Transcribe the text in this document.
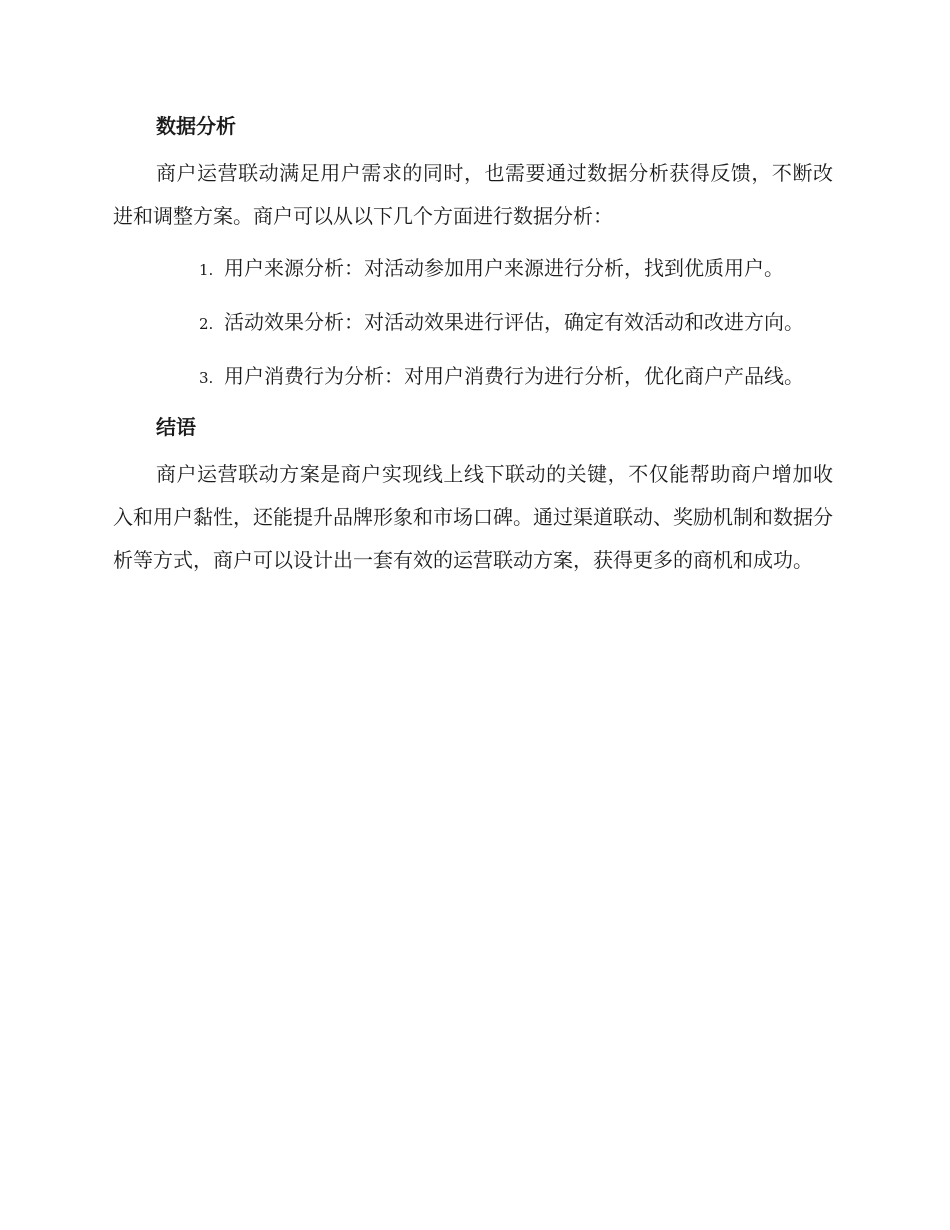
数据分析

商户运营联动满足用户需求的同时，也需要通过数据分析获得反馈，不断改进和调整方案。商户可以从以下几个方面进行数据分析：

1. 用户来源分析：对活动参加用户来源进行分析，找到优质用户。

2. 活动效果分析：对活动效果进行评估，确定有效活动和改进方向。

3. 用户消费行为分析：对用户消费行为进行分析，优化商户产品线。

结语

商户运营联动方案是商户实现线上线下联动的关键，不仅能帮助商户增加收入和用户黏性，还能提升品牌形象和市场口碑。通过渠道联动、奖励机制和数据分析等方式，商户可以设计出一套有效的运营联动方案，获得更多的商机和成功。
